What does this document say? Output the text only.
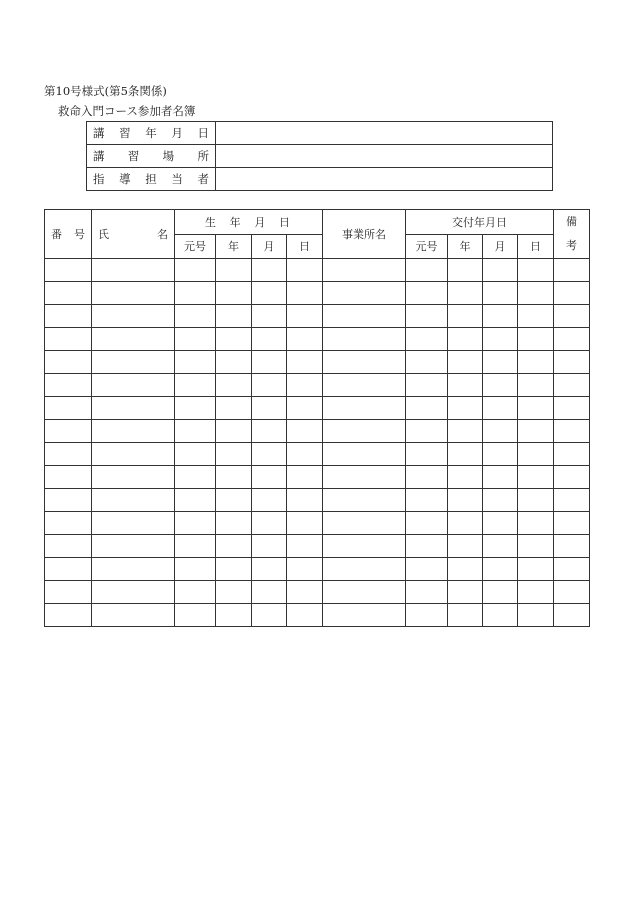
第10号様式(第5条関係)
救命入門コース参加者名簿
講 習 年 月 日	

講 習 場 所	

指 導 担 当 者	

番 号	氏 名	生 年 月 日				事業所名	交付年月日				備
考

		元号	年	月	日		元号	年	月	日	
